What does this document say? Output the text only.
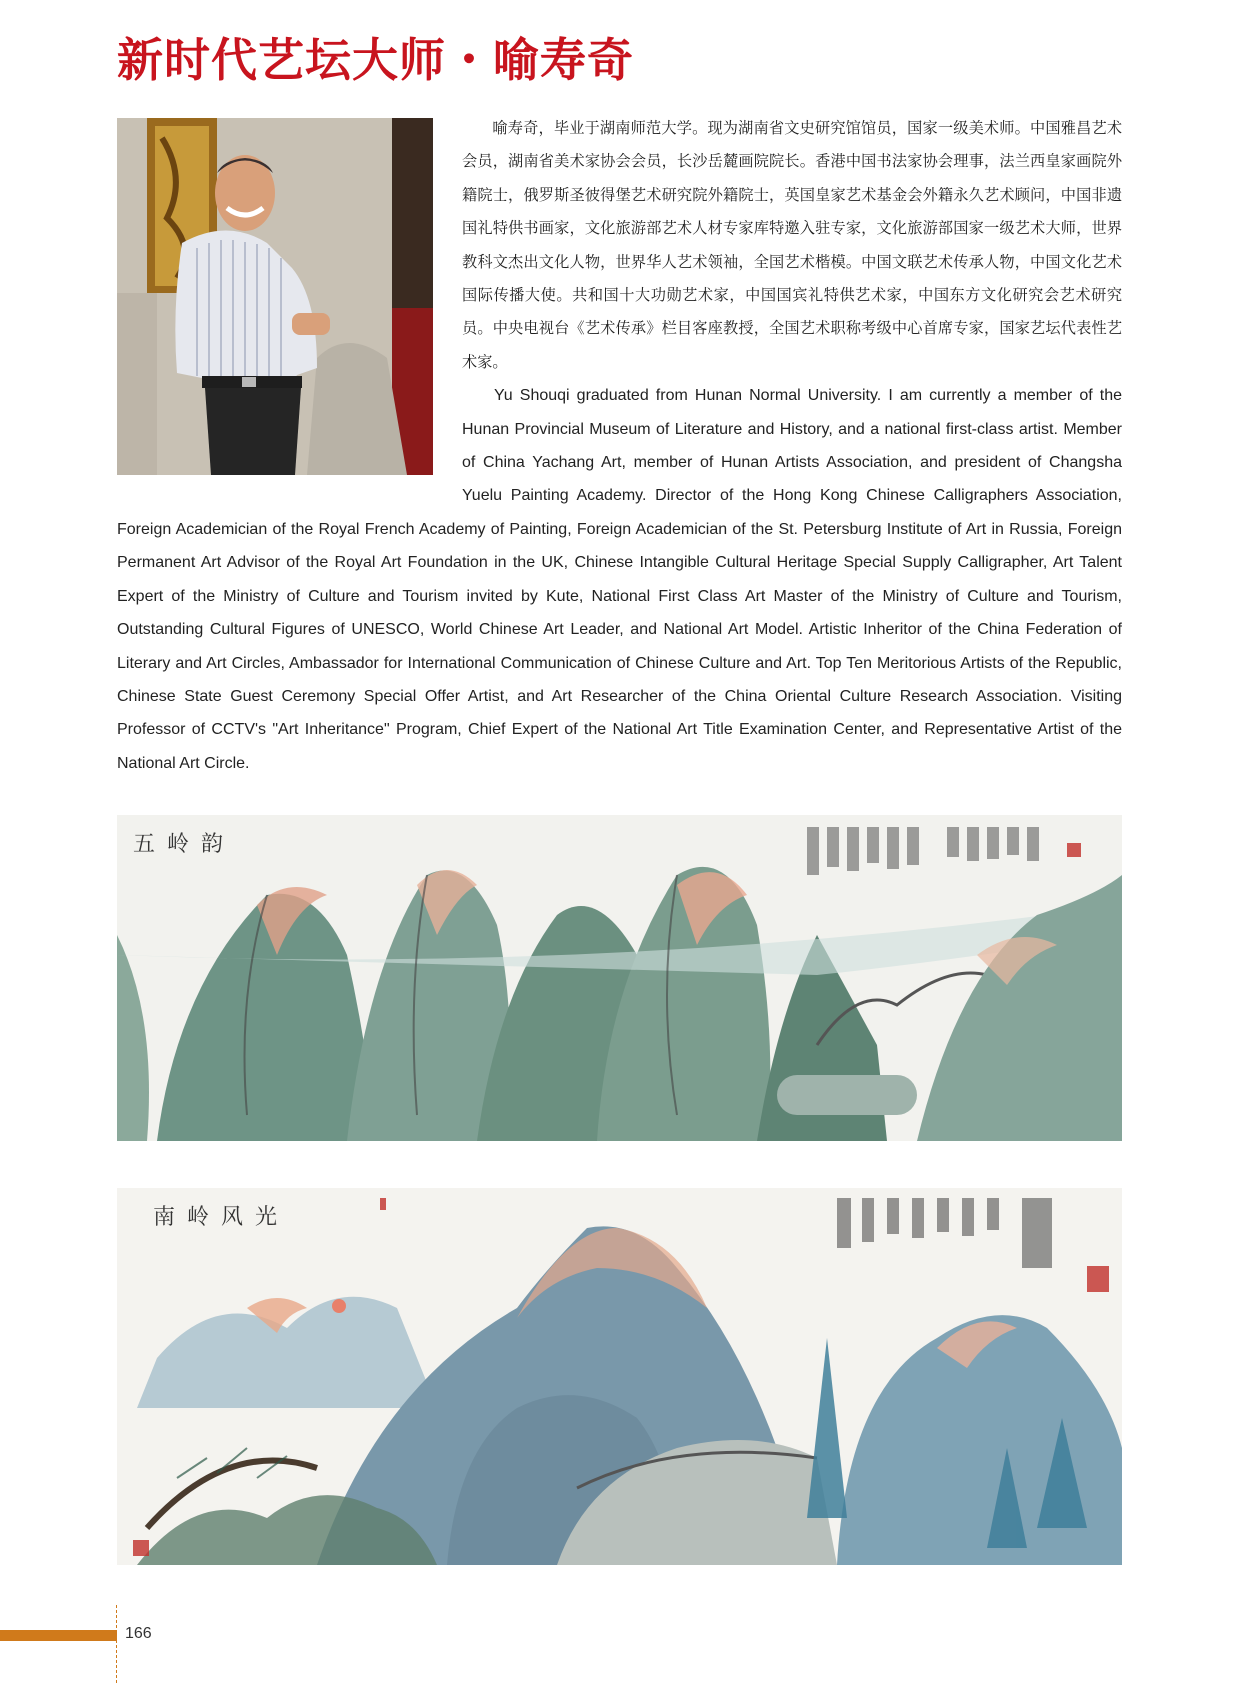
新时代艺坛大师・喻寿奇

喻寿奇，毕业于湖南师范大学。现为湖南省文史研究馆馆员，国家一级美术师。中国雅昌艺术会员，湖南省美术家协会会员，长沙岳麓画院院长。香港中国书法家协会理事，法兰西皇家画院外籍院士，俄罗斯圣彼得堡艺术研究院外籍院士，英国皇家艺术基金会外籍永久艺术顾问，中国非遗国礼特供书画家，文化旅游部艺术人材专家库特邀入驻专家，文化旅游部国家一级艺术大师，世界教科文杰出文化人物，世界华人艺术领袖，全国艺术楷模。中国文联艺术传承人物，中国文化艺术国际传播大使。共和国十大功勋艺术家，中国国宾礼特供艺术家，中国东方文化研究会艺术研究员。中央电视台《艺术传承》栏目客座教授，全国艺术职称考级中心首席专家，国家艺坛代表性艺术家。

Yu Shouqi graduated from Hunan Normal University. I am currently a member of the Hunan Provincial Museum of Literature and History, and a national first-class artist. Member of China Yachang Art, member of Hunan Artists Association, and president of Changsha Yuelu Painting Academy. Director of the Hong Kong Chinese Calligraphers Association, Foreign Academician of the Royal French Academy of Painting, Foreign Academician of the St. Petersburg Institute of Art in Russia, Foreign Permanent Art Advisor of the Royal Art Foundation in the UK, Chinese Intangible Cultural Heritage Special Supply Calligrapher, Art Talent Expert of the Ministry of Culture and Tourism invited by Kute, National First Class Art Master of the Ministry of Culture and Tourism, Outstanding Cultural Figures of UNESCO, World Chinese Art Leader, and National Art Model. Artistic Inheritor of the China Federation of Literary and Art Circles, Ambassador for International Communication of Chinese Culture and Art. Top Ten Meritorious Artists of the Republic, Chinese State Guest Ceremony Special Offer Artist, and Art Researcher of the China Oriental Culture Research Association. Visiting Professor of CCTV's "Art Inheritance" Program, Chief Expert of the National Art Title Examination Center, and Representative Artist of the National Art Circle.

五岭韵
南岭风光
166
